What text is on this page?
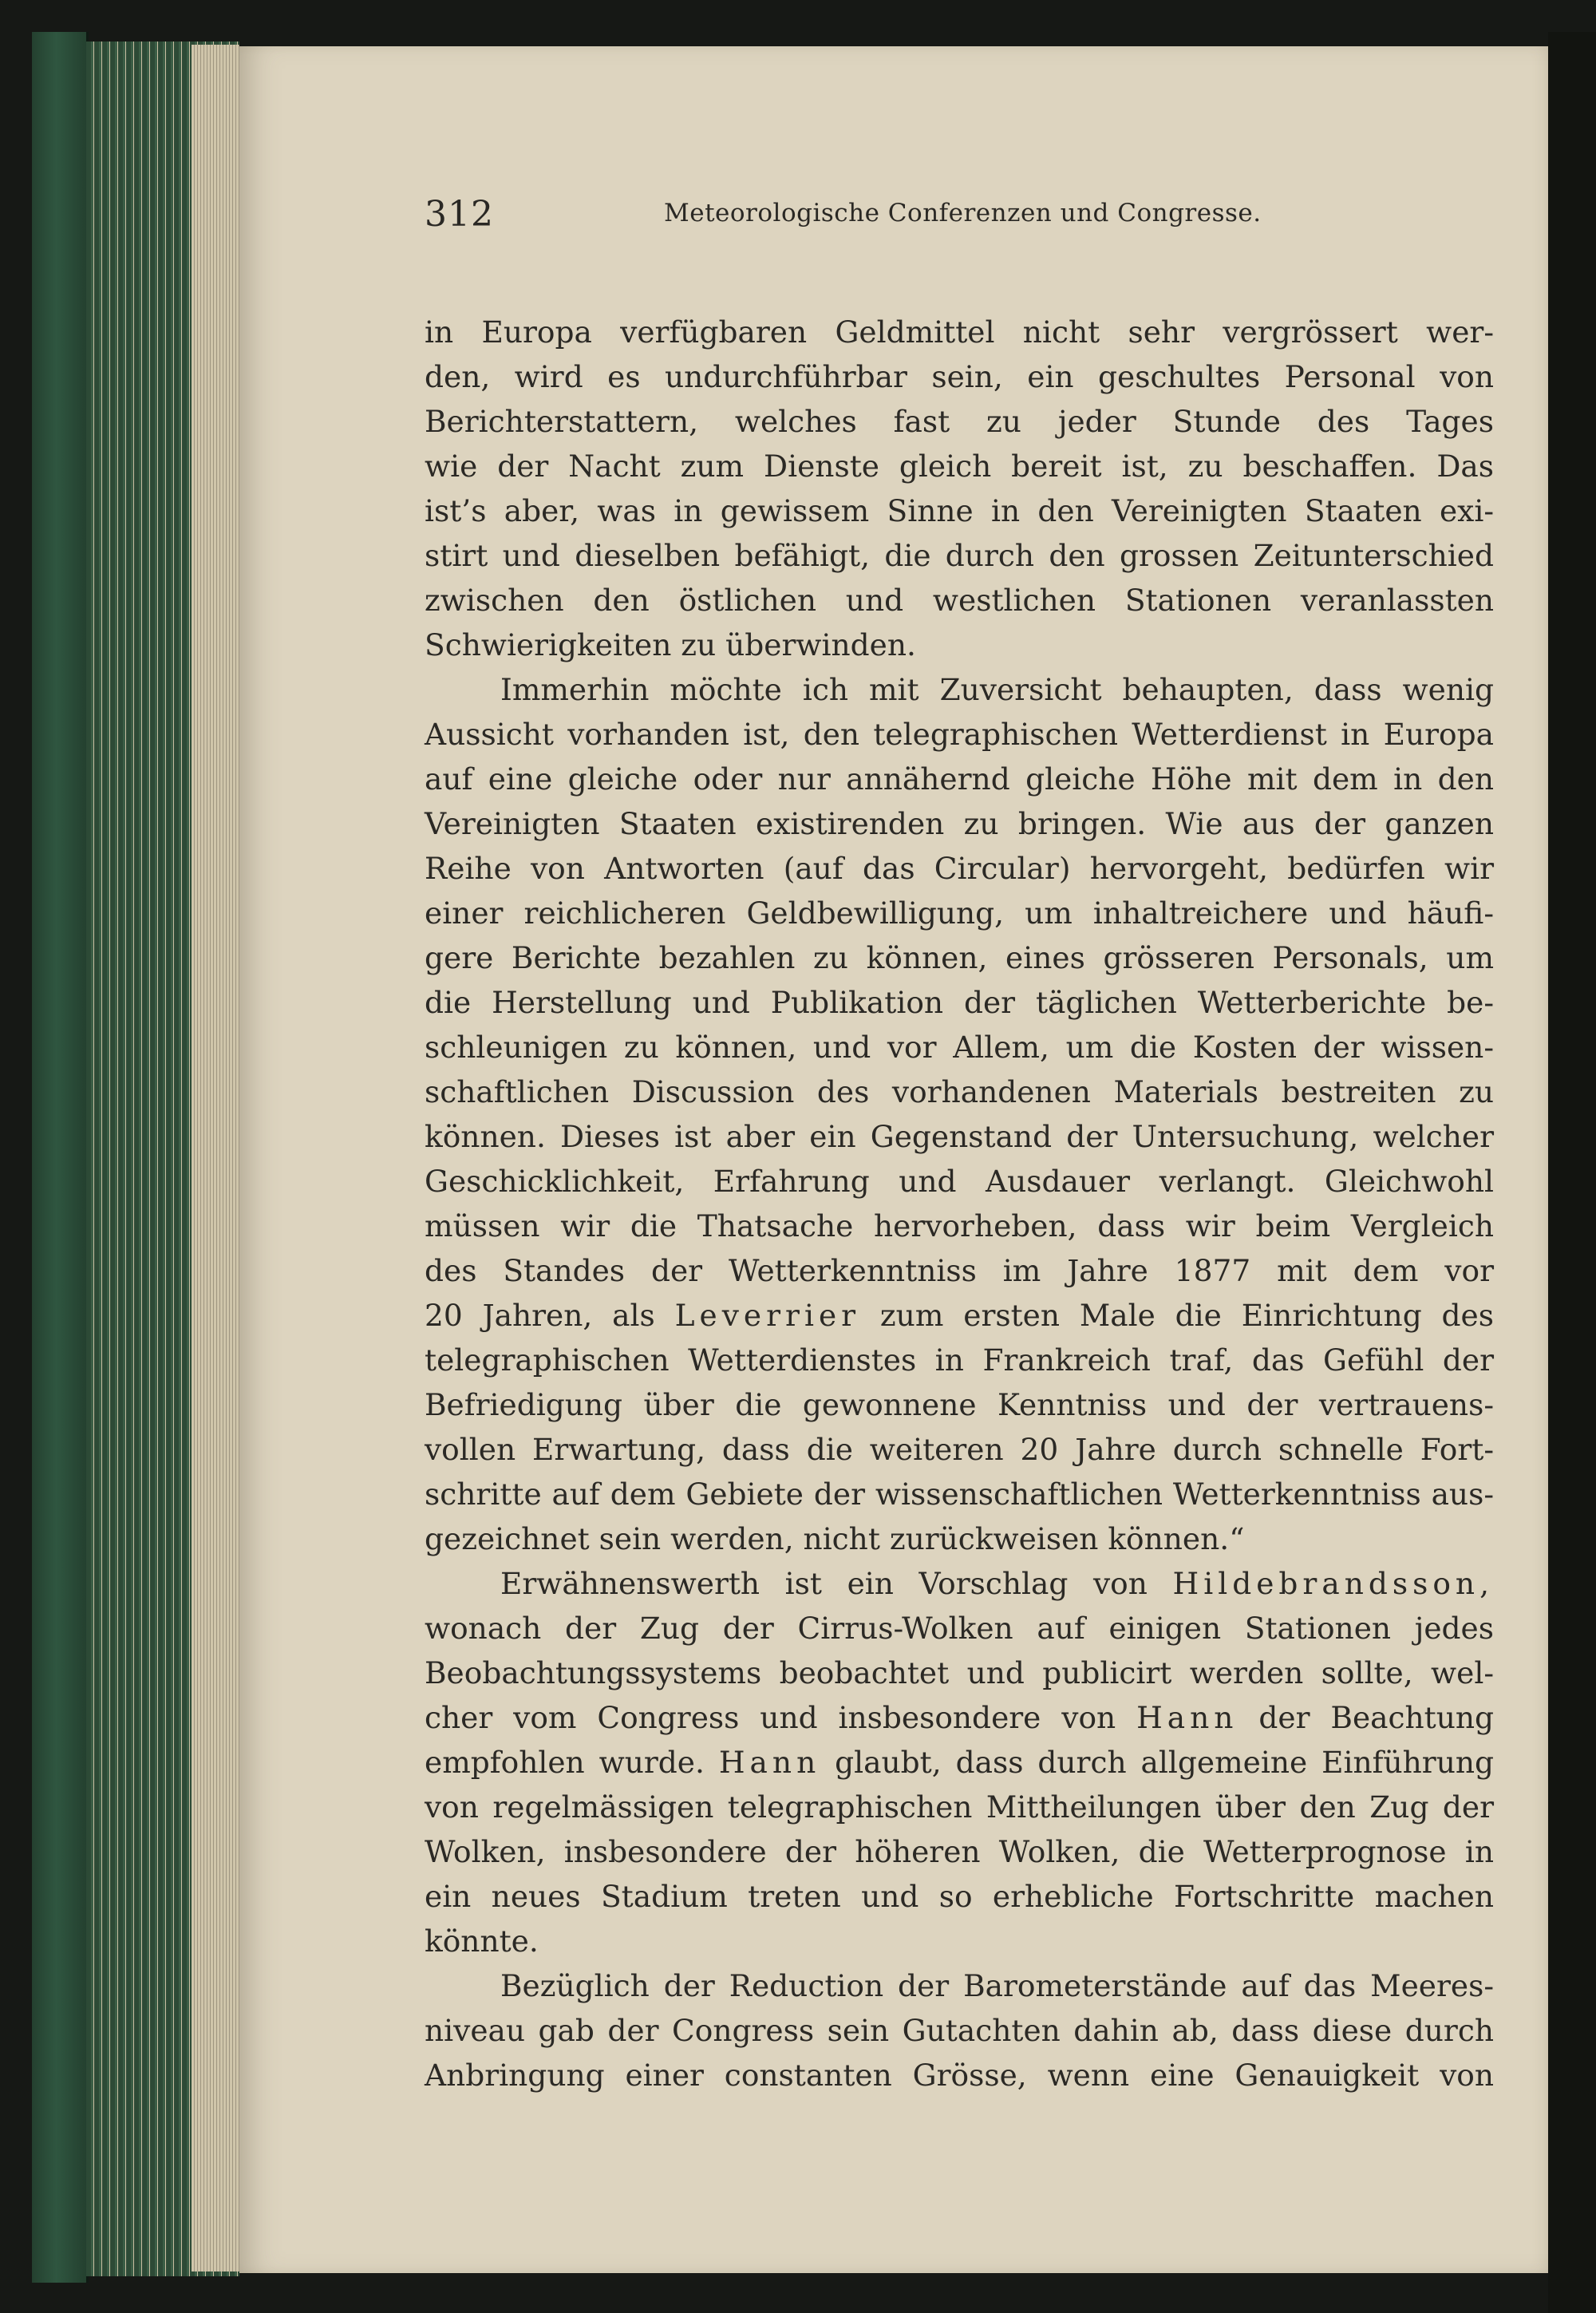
312	Meteorologische Conferenzen und Congresse.
in Europa verfügbaren Geldmittel nicht sehr vergrössert wer-
den, wird es undurchführbar sein, ein geschultes Personal von
Berichterstattern, welches fast zu jeder Stunde des Tages
wie der Nacht zum Dienste gleich bereit ist, zu beschaffen. Das
ist’s aber, was in gewissem Sinne in den Vereinigten Staaten exi-
stirt und dieselben befähigt, die durch den grossen Zeitunterschied
zwischen den östlichen und westlichen Stationen veranlassten
Schwierigkeiten zu überwinden.
Immerhin möchte ich mit Zuversicht behaupten, dass wenig
Aussicht vorhanden ist, den telegraphischen Wetterdienst in Europa
auf eine gleiche oder nur annähernd gleiche Höhe mit dem in den
Vereinigten Staaten existirenden zu bringen. Wie aus der ganzen
Reihe von Antworten (auf das Circular) hervorgeht, bedürfen wir
einer reichlicheren Geldbewilligung, um inhaltreichere und häufi-
gere Berichte bezahlen zu können, eines grösseren Personals, um
die Herstellung und Publikation der täglichen Wetterberichte be-
schleunigen zu können, und vor Allem, um die Kosten der wissen-
schaftlichen Discussion des vorhandenen Materials bestreiten zu
können. Dieses ist aber ein Gegenstand der Untersuchung, welcher
Geschicklichkeit, Erfahrung und Ausdauer verlangt. Gleichwohl
müssen wir die Thatsache hervorheben, dass wir beim Vergleich
des Standes der Wetterkenntniss im Jahre 1877 mit dem vor
20 Jahren, als Leverrier zum ersten Male die Einrichtung des
telegraphischen Wetterdienstes in Frankreich traf, das Gefühl der
Befriedigung über die gewonnene Kenntniss und der vertrauens-
vollen Erwartung, dass die weiteren 20 Jahre durch schnelle Fort-
schritte auf dem Gebiete der wissenschaftlichen Wetterkenntniss aus-
gezeichnet sein werden, nicht zurückweisen können.“
Erwähnenswerth ist ein Vorschlag von Hildebrandsson,
wonach der Zug der Cirrus-Wolken auf einigen Stationen jedes
Beobachtungssystems beobachtet und publicirt werden sollte, wel-
cher vom Congress und insbesondere von Hann der Beachtung
empfohlen wurde. Hann glaubt, dass durch allgemeine Einführung
von regelmässigen telegraphischen Mittheilungen über den Zug der
Wolken, insbesondere der höheren Wolken, die Wetterprognose in
ein neues Stadium treten und so erhebliche Fortschritte machen
könnte.
Bezüglich der Reduction der Barometerstände auf das Meeres-
niveau gab der Congress sein Gutachten dahin ab, dass diese durch
Anbringung einer constanten Grösse, wenn eine Genauigkeit von
